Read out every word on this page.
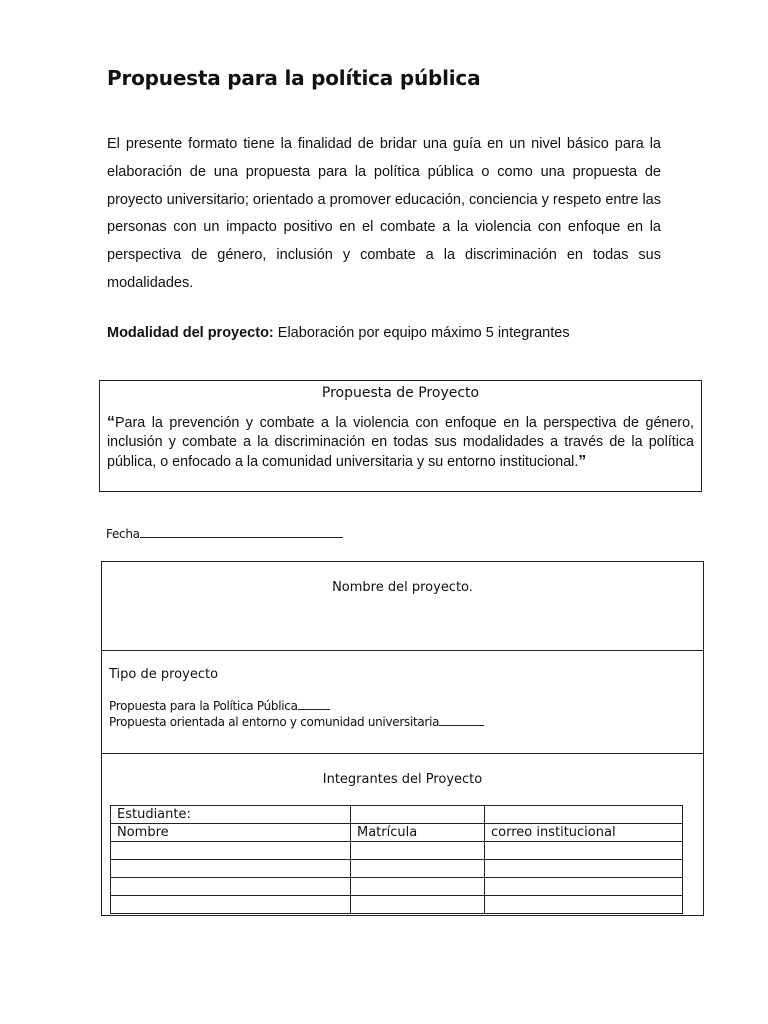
Propuesta para la política pública

El presente formato tiene la finalidad de bridar una guía en un nivel básico para la elaboración de una propuesta para la política pública o como una propuesta de proyecto universitario; orientado a promover educación, conciencia y respeto entre las personas con un impacto positivo en el combate a la violencia con enfoque en la perspectiva de género, inclusión y combate a la discriminación en todas sus modalidades.

Modalidad del proyecto: Elaboración por equipo máximo 5 integrantes

Propuesta de Proyecto

“Para la prevención y combate a la violencia con enfoque en la perspectiva de género, inclusión y combate a la discriminación en todas sus modalidades a través de la política pública, o enfocado a la comunidad universitaria y su entorno institucional.”

Fecha
Nombre del proyecto.
Tipo de proyecto
Propuesta para la Política Pública
Propuesta orientada al entorno y comunidad universitaria
Integrantes del Proyecto
Estudiante:		
Nombre	Matrícula	correo institucional
